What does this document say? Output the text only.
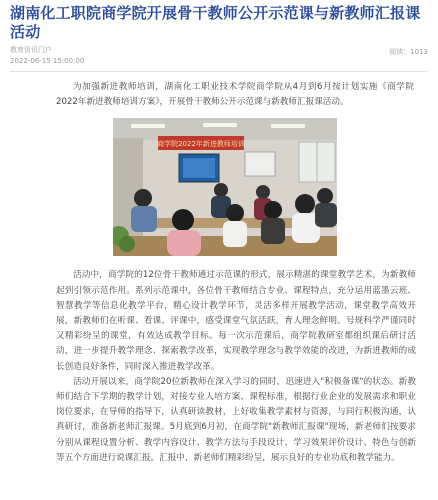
湖南化工职院商学院开展骨干教师公开示范课与新教师汇报课活动
教育资讯门户
2022-06-15 15:00:00
阅读：1013

为加强新进教师培训，湖南化工职业技术学院商学院从4月到6月按计划实施《商学院2022年新进教师培训方案》，开展骨干教师公开示范课与新教师汇报课活动。

商学院2022年新进教师培训

活动中，商学院的12位骨干教师通过示范课的形式，展示精湛的课堂教学艺术，为新教师起到引领示范作用。系列示范课中，各位骨干教师结合专业、课程特点，充分运用蓝墨云班、智慧教学等信息化教学平台，精心设计教学环节，灵活多样开展教学活动，课堂教学高效开展，新教师们在听课、看课、评课中，感受课堂气氛活跃，育人理念鲜明。号规科学严谨同时又精彩纷呈的课堂，有效达成教学目标。每一次示范课后，商学院教研室都组织课后研讨活动，进一步提升教学理念、探索教学改革，实现教学理念与教学效能的改进，为新进教师的成长创造良好条件，同时深入推进教学改革。

活动开展以来，商学院20位新教师在深入学习的同时，迅速进入"积极备课"的状态。新教师们结合下学期的教学计划，对接专业人培方案、课程标准，根据行业企业的发展需求和职业岗位要求，在导师的指导下，认真研读教材，上好收集教学素材与资源，与同行积极沟通，认真研讨，准备新老师汇报课。5月底到6月初，在商学院"新教师汇报课"现场，新老师们按要求分别从课程设置分析、教学内容设计、教学方法与手段设计、学习效果评价设计、特色与创新等五个方面进行说课汇报。汇报中，新老师们精彩纷呈，展示良好的专业功底和教学能力。
